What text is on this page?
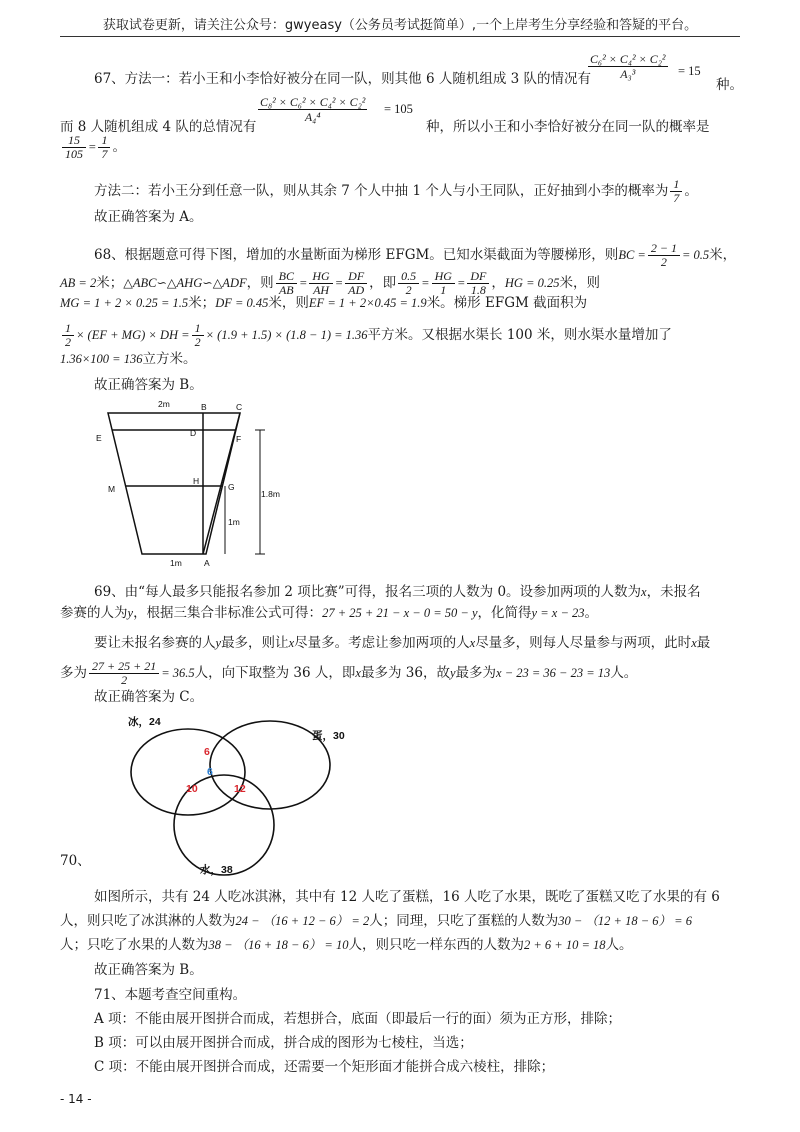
获取试卷更新，请关注公众号：gwyeasy（公务员考试挺简单）,一个上岸考生分享经验和答疑的平台。
67、方法一：若小王和小李恰好被分在同一队，则其他 6 人随机组成 3 队的情况有
$\frac{\text{C₆² × C₄² × C₂²}}{\text{A₃³}} = 15$
种。
而 8 人随机组成 4 队的总情况有
$\frac{\text{C₈² × C₆² × C₄² × C₂²}}{\text{A₄⁴}} = 105$
种，所以小王和小李恰好被分在同一队的概率是
$\frac{15}{105} = \frac{1}{7}$ 。
方法二：若小王分到任意一队，则从其余 7 个人中抽 1 个人与小王同队，正好抽到小李的概率为 $\frac{1}{7}$ 。
故正确答案为 A。
68、根据题意可得下图，增加的水量断面为梯形 EFGM。已知水渠截面为等腰梯形，则BC = $\frac{2 - 1}{2} = 0.5$米，
AB = 2米；△ABC∽△AHG∽△ADF，则 $\frac{BC}{AB} = \frac{HG}{AH} = \frac{DF}{AD}$ ，即 $\frac{0.5}{2} = \frac{HG}{1} = \frac{DF}{1.8}$ ，HG = 0.25米，则
MG = 1 + 2 × 0.25 = 1.5米；DF = 0.45米，则EF = 1 + 2×0.45 = 1.9米。梯形 EFGM 截面积为
$\frac{1}{2} \times (EF + MG)$ × DH = $\frac{1}{2} \times (1.9 + 1.5) \times (1.8 - 1) = 1.36$平方米。又根据水渠长 100 米，则水渠水量增加了
1.36×100 = 136立方米。
故正确答案为 B。
2m	B	C
E	D
F
M
H
G
1.8m
1m
1m	A
69、由“每人最多只能报名参加 2 项比赛”可得，报名三项的人数为 0。设参加两项的人数为x，未报名
参赛的人为y，根据三集合非标准公式可得：27 + 25 + 21 − x − 0 = 50 − y，化简得y = x − 23。
要让未报名参赛的人y最多，则让x尽量多。考虑让参加两项的人x尽量多，则每人尽量参与两项，此时x最
多为 $\frac{27 + 25 + 21}{2} = 36.5$人，向下取整为 36 人，即x最多为 36，故y最多为x − 23 = 36 − 23 = 13人。
故正确答案为 C。
冰，24
蛋，30
水，38
6
6
10	12
70、
如图所示，共有 24 人吃冰淇淋，其中有 12 人吃了蛋糕，16 人吃了水果，既吃了蛋糕又吃了水果的有 6
人，则只吃了冰淇淋的人数为24 − （16 + 12 − 6） = 2人；同理，只吃了蛋糕的人数为30 − （12 + 18 − 6） = 6
人；只吃了水果的人数为38 − （16 + 18 − 6） = 10人，则只吃一样东西的人数为2 + 6 + 10 = 18人。
故正确答案为 B。
71、本题考查空间重构。
A 项：不能由展开图拼合而成，若想拼合，底面（即最后一行的面）须为正方形，排除；
B 项：可以由展开图拼合而成，拼合成的图形为七棱柱，当选；
C 项：不能由展开图拼合而成，还需要一个矩形面才能拼合成六棱柱，排除；
- 14 -
